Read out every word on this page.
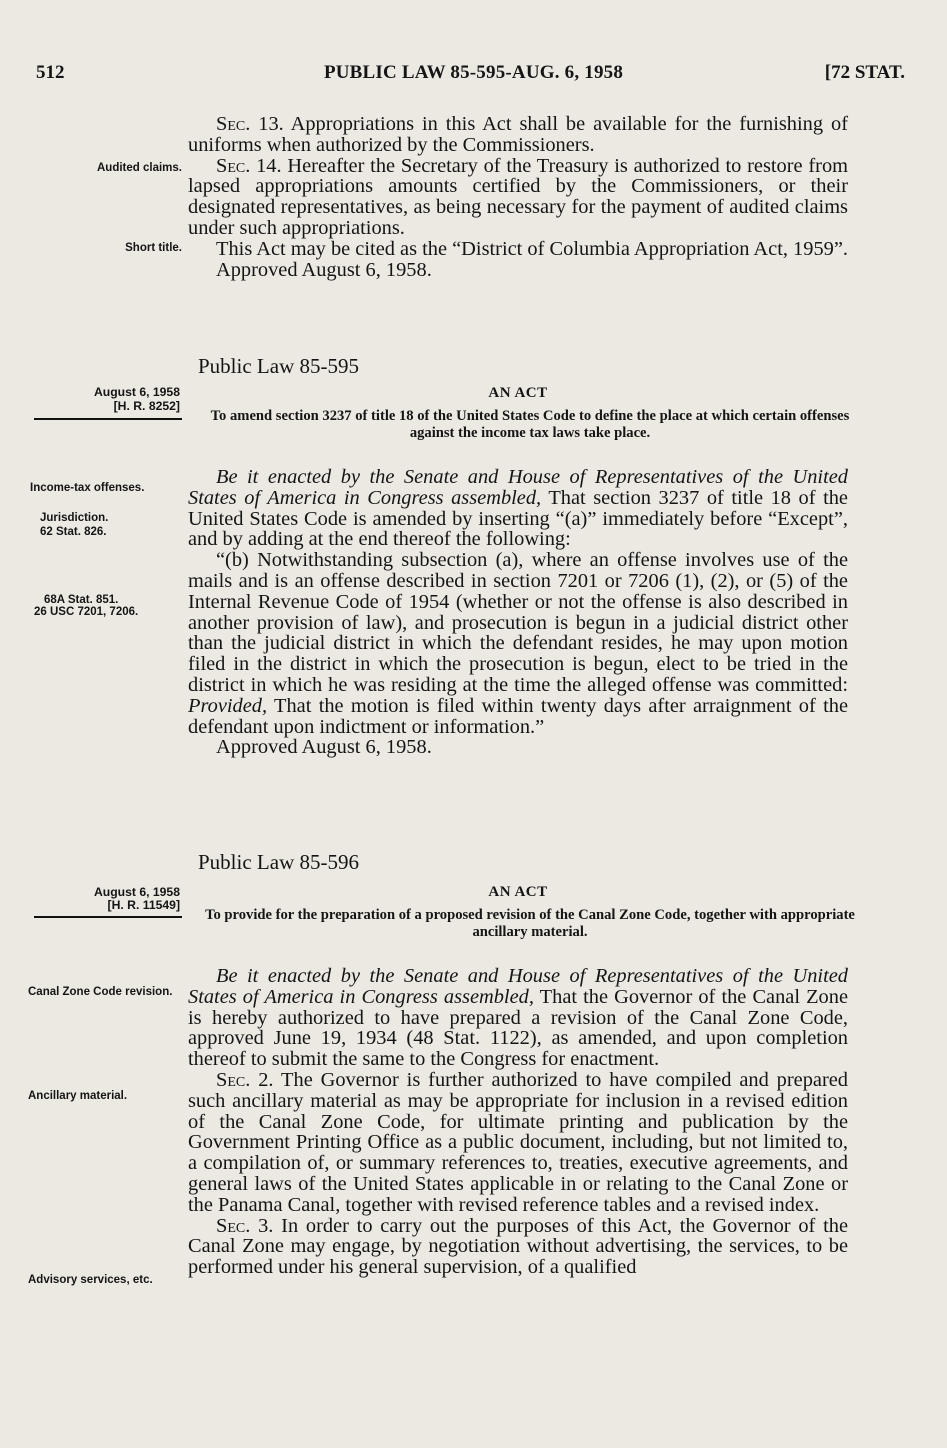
512	PUBLIC LAW 85-595-AUG. 6, 1958	[72 STAT.
Audited claims.
Short title.

Sec. 13. Appropriations in this Act shall be available for the furnishing of uniforms when authorized by the Commissioners.

Sec. 14. Hereafter the Secretary of the Treasury is authorized to restore from lapsed appropriations amounts certified by the Commissioners, or their designated representatives, as being necessary for the payment of audited claims under such appropriations.

This Act may be cited as the “District of Columbia Appropriation Act, 1959”.

Approved August 6, 1958.

Public Law 85-595
August 6, 1958
[H. R. 8252]
AN ACT
To amend section 3237 of title 18 of the United States Code to define the place at which certain offenses against the income tax laws take place.
Income-tax offenses.
Jurisdiction.
62 Stat. 826.
68A Stat. 851.
26 USC 7201, 7206.

Be it enacted by the Senate and House of Representatives of the United States of America in Congress assembled, That section 3237 of title 18 of the United States Code is amended by inserting “(a)” immediately before “Except”, and by adding at the end thereof the following:

“(b) Notwithstanding subsection (a), where an offense involves use of the mails and is an offense described in section 7201 or 7206 (1), (2), or (5) of the Internal Revenue Code of 1954 (whether or not the offense is also described in another provision of law), and prosecution is begun in a judicial district other than the judicial district in which the defendant resides, he may upon motion filed in the district in which the prosecution is begun, elect to be tried in the district in which he was residing at the time the alleged offense was committed: Provided, That the motion is filed within twenty days after arraignment of the defendant upon indictment or information.”

Approved August 6, 1958.

Public Law 85-596
August 6, 1958
[H. R. 11549]
AN ACT
To provide for the preparation of a proposed revision of the Canal Zone Code, together with appropriate ancillary material.
Canal Zone Code revision.
Ancillary material.
Advisory services, etc.

Be it enacted by the Senate and House of Representatives of the United States of America in Congress assembled, That the Governor of the Canal Zone is hereby authorized to have prepared a revision of the Canal Zone Code, approved June 19, 1934 (48 Stat. 1122), as amended, and upon completion thereof to submit the same to the Congress for enactment.

Sec. 2. The Governor is further authorized to have compiled and prepared such ancillary material as may be appropriate for inclusion in a revised edition of the Canal Zone Code, for ultimate printing and publication by the Government Printing Office as a public document, including, but not limited to, a compilation of, or summary references to, treaties, executive agreements, and general laws of the United States applicable in or relating to the Canal Zone or the Panama Canal, together with revised reference tables and a revised index.

Sec. 3. In order to carry out the purposes of this Act, the Governor of the Canal Zone may engage, by negotiation without advertising, the services, to be performed under his general supervision, of a qualified
